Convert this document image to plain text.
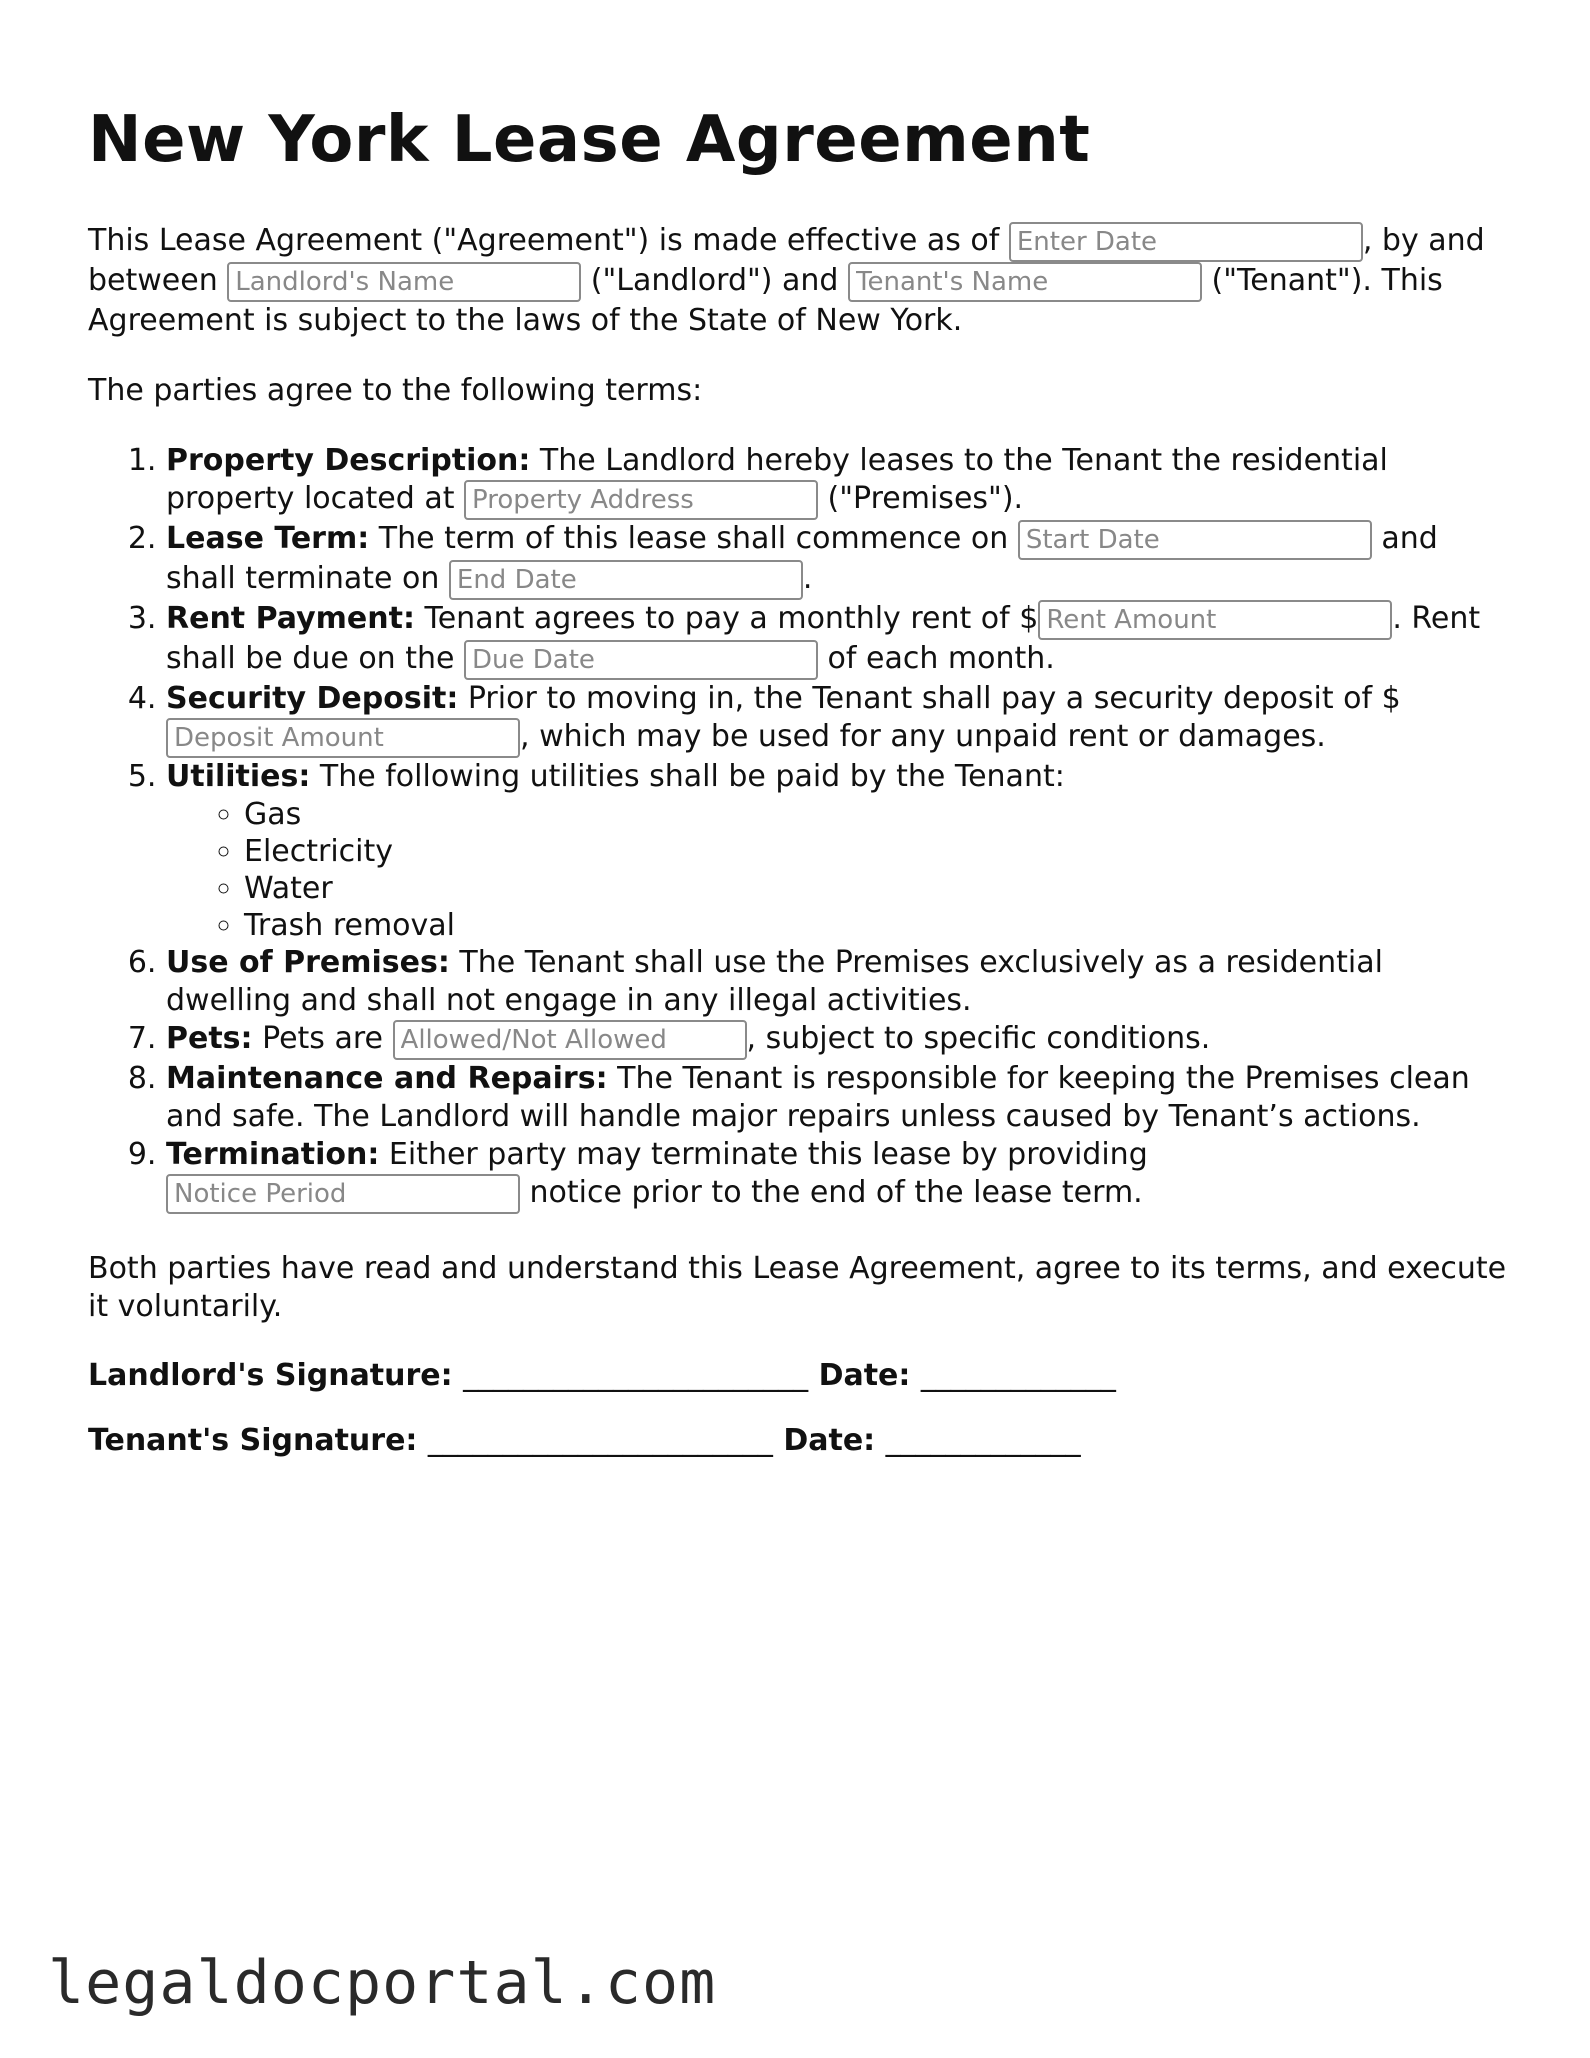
New York Lease Agreement

This Lease Agreement ("Agreement") is made effective as of Enter Date	, by and between Landlord's Name	("Landlord") and Tenant's Name	("Tenant"). This Agreement is subject to the laws of the State of New York.

The parties agree to the following terms:

1. Property Description: The Landlord hereby leases to the Tenant the residential property located at Property Address	("Premises").
2. Lease Term: The term of this lease shall commence on Start Date	and shall terminate on End Date	.
3. Rent Payment: Tenant agrees to pay a monthly rent of $Rent Amount	. Rent shall be due on the Due Date	of each month.
4. Security Deposit: Prior to moving in, the Tenant shall pay a security deposit of $ Deposit Amount, which may be used for any unpaid rent or damages.
5. Utilities: The following utilities shall be paid by the Tenant:
◦ Gas
◦ Electricity
◦ Water
◦ Trash removal
6. Use of Premises: The Tenant shall use the Premises exclusively as a residential dwelling and shall not engage in any illegal activities.
7. Pets: Pets are Allowed/Not Allowed	, subject to specific conditions.
8. Maintenance and Repairs: The Tenant is responsible for keeping the Premises clean and safe. The Landlord will handle major repairs unless caused by Tenant’s actions.
9. Termination: Either party may terminate this lease by providing Notice Period notice prior to the end of the lease term.

Both parties have read and understand this Lease Agreement, agree to its terms, and execute it voluntarily.

Landlord's Signature: _______________________ Date: _____________
Tenant's Signature: _______________________ Date: _____________
legaldocportal.com
